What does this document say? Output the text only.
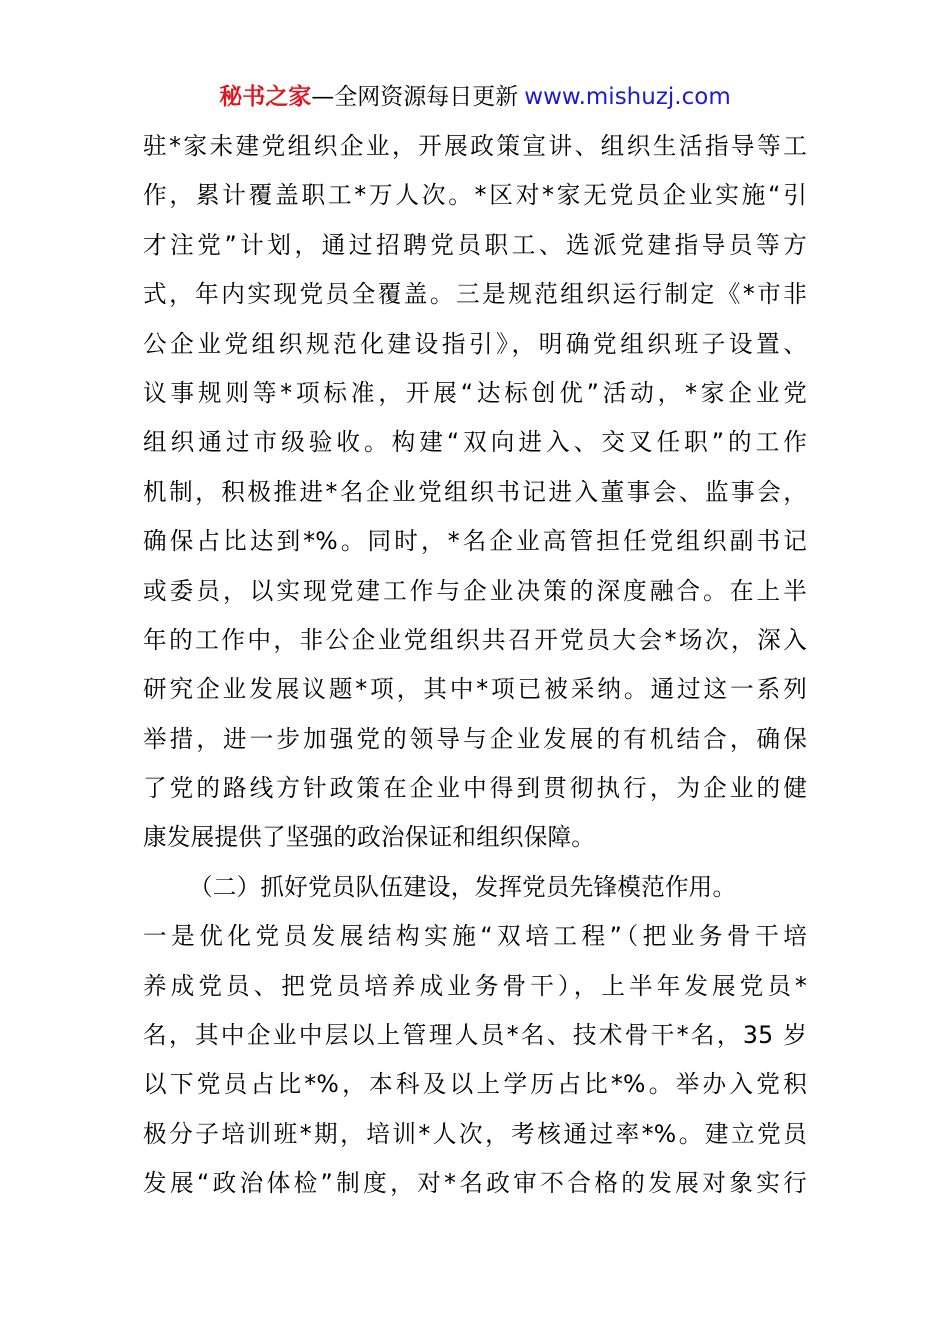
秘书之家—全网资源每日更新 www.mishuzj.com
驻*家未建党组织企业，开展政策宣讲、组织生活指导等工
作，累计覆盖职工*万人次。*区对*家无党员企业实施“引
才注党”计划，通过招聘党员职工、选派党建指导员等方
式，年内实现党员全覆盖。三是规范组织运行制定《*市非
公企业党组织规范化建设指引》，明确党组织班子设置、
议事规则等*项标准，开展“达标创优”活动，*家企业党
组织通过市级验收。构建“双向进入、交叉任职”的工作
机制，积极推进*名企业党组织书记进入董事会、监事会，
确保占比达到*%。同时，*名企业高管担任党组织副书记
或委员，以实现党建工作与企业决策的深度融合。在上半
年的工作中，非公企业党组织共召开党员大会*场次，深入
研究企业发展议题*项，其中*项已被采纳。通过这一系列
举措，进一步加强党的领导与企业发展的有机结合，确保
了党的路线方针政策在企业中得到贯彻执行，为企业的健
康发展提供了坚强的政治保证和组织保障。
（二）抓好党员队伍建设，发挥党员先锋模范作用。
一是优化党员发展结构实施“双培工程”（把业务骨干培
养成党员、把党员培养成业务骨干），上半年发展党员*
名，其中企业中层以上管理人员*名、技术骨干*名，35 岁
以下党员占比*%，本科及以上学历占比*%。举办入党积
极分子培训班*期，培训*人次，考核通过率*%。建立党员
发展“政治体检”制度，对*名政审不合格的发展对象实行
